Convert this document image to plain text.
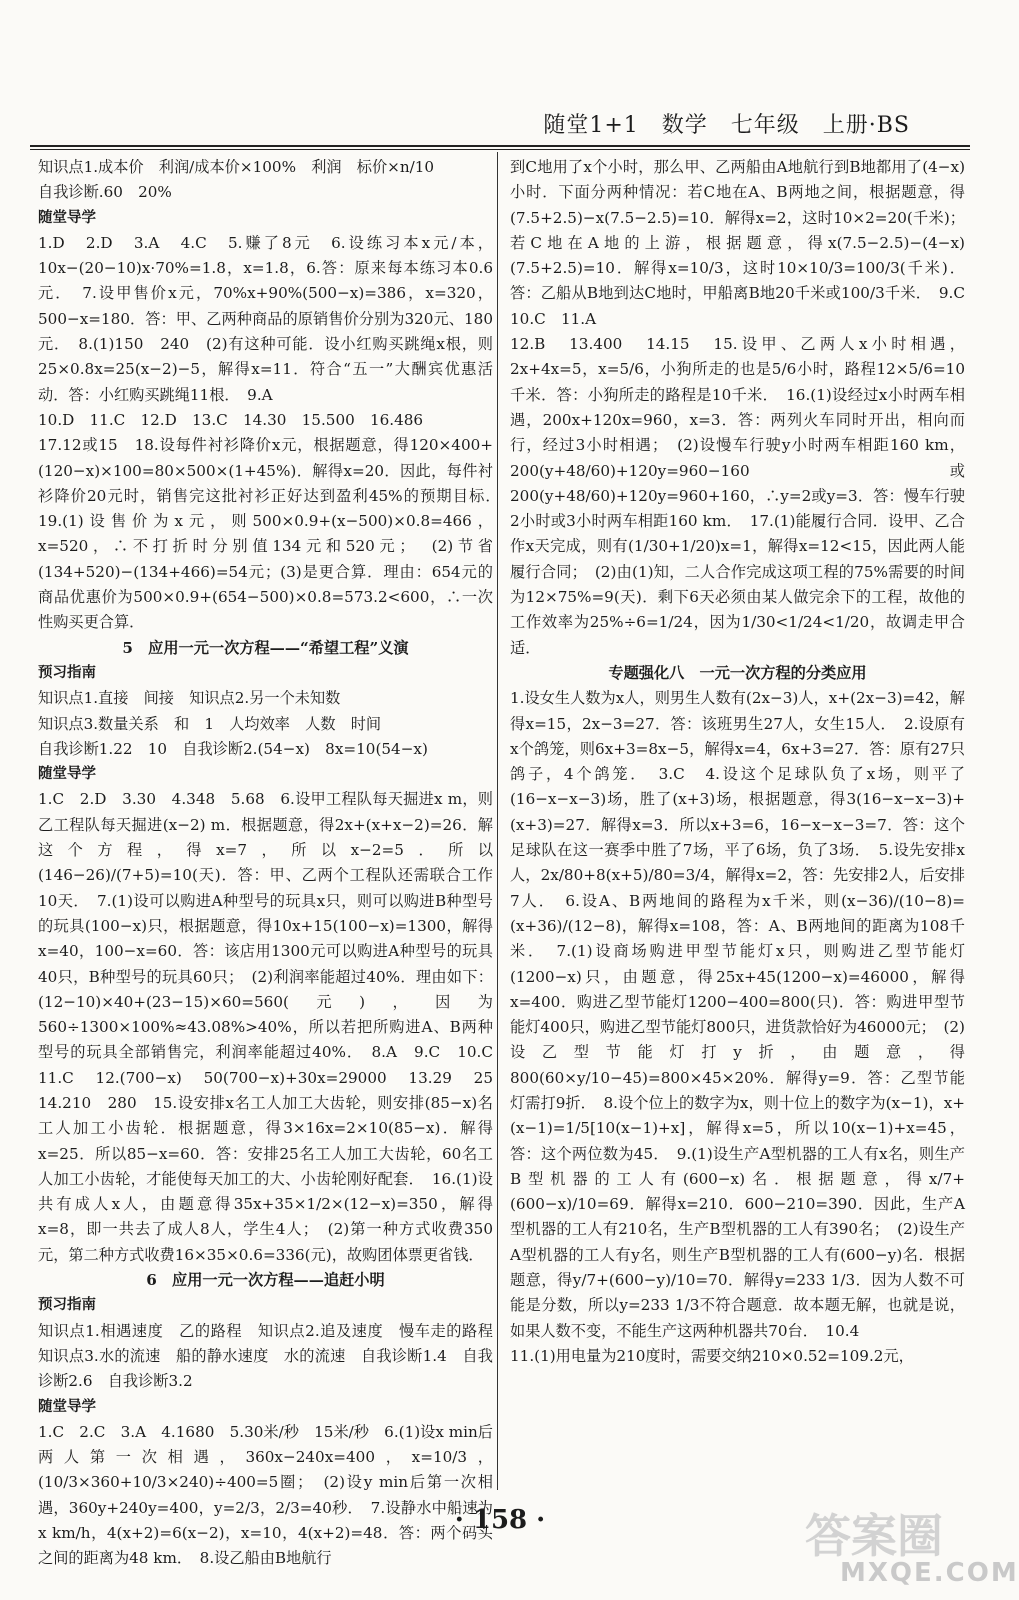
随堂1+1　数学　七年级　上册·BS

知识点1.成本价　利润/成本价×100%　利润　标价×n/10

自我诊断.60　20%

随堂导学

1.D　2.D　3.A　4.C　5.赚了8元　6.设练习本x元/本，10x−(20−10)x·70%=1.8，x=1.8，6.答：原来每本练习本0.6元．　7.设甲售价x元，70%x+90%(500−x)=386，x=320，500−x=180．答：甲、乙两种商品的原销售价分别为320元、180元．　8.(1)150　240　(2)有这种可能．设小红购买跳绳x根，则25×0.8x=25(x−2)−5，解得x=11．符合“五一”大酬宾优惠活动．答：小红购买跳绳11根．　9.A

10.D　11.C　12.D　13.C　14.30　15.500　16.486

17.12或15　18.设每件衬衫降价x元，根据题意，得120×400+(120−x)×100=80×500×(1+45%)．解得x=20．因此，每件衬衫降价20元时，销售完这批衬衫正好达到盈利45%的预期目标．　19.(1)设售价为x元，则500×0.9+(x−500)×0.8=466，x=520，∴不打折时分别值134元和520元；　(2)节省(134+520)−(134+466)=54元；(3)是更合算．理由：654元的商品优惠价为500×0.9+(654−500)×0.8=573.2<600，∴一次性购买更合算．

5　应用一元一次方程——“希望工程”义演

预习指南

知识点1.直接　间接　知识点2.另一个未知数

知识点3.数量关系　和　1　人均效率　人数　时间

自我诊断1.22　10　自我诊断2.(54−x)　8x=10(54−x)

随堂导学

1.C　2.D　3.30　4.348　5.68　6.设甲工程队每天掘进x m，则乙工程队每天掘进(x−2) m．根据题意，得2x+(x+x−2)=26．解这个方程，得x=7，所以x−2=5．所以(146−26)/(7+5)=10(天)．答：甲、乙两个工程队还需联合工作10天．　7.(1)设可以购进A种型号的玩具x只，则可以购进B种型号的玩具(100−x)只，根据题意，得10x+15(100−x)=1300，解得x=40，100−x=60．答：该店用1300元可以购进A种型号的玩具40只，B种型号的玩具60只；　(2)利润率能超过40%．理由如下：(12−10)×40+(23−15)×60=560(元)，因为560÷1300×100%≈43.08%>40%，所以若把所购进A、B两种型号的玩具全部销售完，利润率能超过40%．　8.A　9.C　10.C　11.C　12.(700−x)　50(700−x)+30x=29000　13.29　25　14.210　280　15.设安排x名工人加工大齿轮，则安排(85−x)名工人加工小齿轮．根据题意，得3×16x=2×10(85−x)．解得x=25．所以85−x=60．答：安排25名工人加工大齿轮，60名工人加工小齿轮，才能使每天加工的大、小齿轮刚好配套．　16.(1)设共有成人x人，由题意得35x+35×1/2×(12−x)=350，解得x=8，即一共去了成人8人，学生4人；　(2)第一种方式收费350元，第二种方式收费16×35×0.6=336(元)，故购团体票更省钱．

6　应用一元一次方程——追赶小明

预习指南

知识点1.相遇速度　乙的路程　知识点2.追及速度　慢车走的路程　知识点3.水的流速　船的静水速度　水的流速　自我诊断1.4　自我诊断2.6　自我诊断3.2

随堂导学

1.C　2.C　3.A　4.1680　5.30米/秒　15米/秒　6.(1)设x min后两人第一次相遇，360x−240x=400，x=10/3，(10/3×360+10/3×240)÷400=5圈；　(2)设y min后第一次相遇，360y+240y=400，y=2/3，2/3=40秒．　7.设静水中船速为x km/h，4(x+2)=6(x−2)，x=10，4(x+2)=48．答：两个码头之间的距离为48 km．　8.设乙船由B地航行

到C地用了x个小时，那么甲、乙两船由A地航行到B地都用了(4−x)小时．下面分两种情况：若C地在A、B两地之间，根据题意，得(7.5+2.5)−x(7.5−2.5)=10．解得x=2，这时10×2=20(千米)；若C地在A地的上游，根据题意，得x(7.5−2.5)−(4−x)(7.5+2.5)=10．解得x=10/3，这时10×10/3=100/3(千米)．答：乙船从B地到达C地时，甲船离B地20千米或100/3千米．　9.C　10.C　11.A

12.B　13.400　14.15　15.设甲、乙两人x小时相遇，2x+4x=5，x=5/6，小狗所走的也是5/6小时，路程12×5/6=10千米．答：小狗所走的路程是10千米．　16.(1)设经过x小时两车相遇，200x+120x=960，x=3．答：两列火车同时开出，相向而行，经过3小时相遇；　(2)设慢车行驶y小时两车相距160 km，200(y+48/60)+120y=960−160或200(y+48/60)+120y=960+160，∴y=2或y=3．答：慢车行驶2小时或3小时两车相距160 km．　17.(1)能履行合同．设甲、乙合作x天完成，则有(1/30+1/20)x=1，解得x=12<15，因此两人能履行合同；　(2)由(1)知，二人合作完成这项工程的75%需要的时间为12×75%=9(天)．剩下6天必须由某人做完余下的工程，故他的工作效率为25%÷6=1/24，因为1/30<1/24<1/20，故调走甲合适．

专题强化八　一元一次方程的分类应用

1.设女生人数为x人，则男生人数有(2x−3)人，x+(2x−3)=42，解得x=15，2x−3=27．答：该班男生27人，女生15人．　2.设原有x个鸽笼，则6x+3=8x−5，解得x=4，6x+3=27．答：原有27只鸽子，4个鸽笼．　3.C　4.设这个足球队负了x场，则平了(16−x−x−3)场，胜了(x+3)场，根据题意，得3(16−x−x−3)+(x+3)=27．解得x=3．所以x+3=6，16−x−x−3=7．答：这个足球队在这一赛季中胜了7场，平了6场，负了3场．　5.设先安排x人，2x/80+8(x+5)/80=3/4，解得x=2，答：先安排2人，后安排7人．　6.设A、B两地间的路程为x千米，则(x−36)/(10−8)=(x+36)/(12−8)，解得x=108，答：A、B两地间的距离为108千米．　7.(1)设商场购进甲型节能灯x只，则购进乙型节能灯(1200−x)只，由题意，得25x+45(1200−x)=46000，解得x=400．购进乙型节能灯1200−400=800(只)．答：购进甲型节能灯400只，购进乙型节能灯800只，进货款恰好为46000元；　(2)设乙型节能灯打y折，由题意，得800(60×y/10−45)=800×45×20%．解得y=9．答：乙型节能灯需打9折．　8.设个位上的数字为x，则十位上的数字为(x−1)，x+(x−1)=1/5[10(x−1)+x]，解得x=5，所以10(x−1)+x=45，答：这个两位数为45．　9.(1)设生产A型机器的工人有x名，则生产B型机器的工人有(600−x)名．根据题意，得x/7+(600−x)/10=69．解得x=210．600−210=390．因此，生产A型机器的工人有210名，生产B型机器的工人有390名；　(2)设生产A型机器的工人有y名，则生产B型机器的工人有(600−y)名．根据题意，得y/7+(600−y)/10=70．解得y=233 1/3．因为人数不可能是分数，所以y=233 1/3不符合题意．故本题无解，也就是说，如果人数不变，不能生产这两种机器共70台．　10.4

11.(1)用电量为210度时，需要交纳210×0.52=109.2元，

· 158 ·	答案圈
MXQE.COM
